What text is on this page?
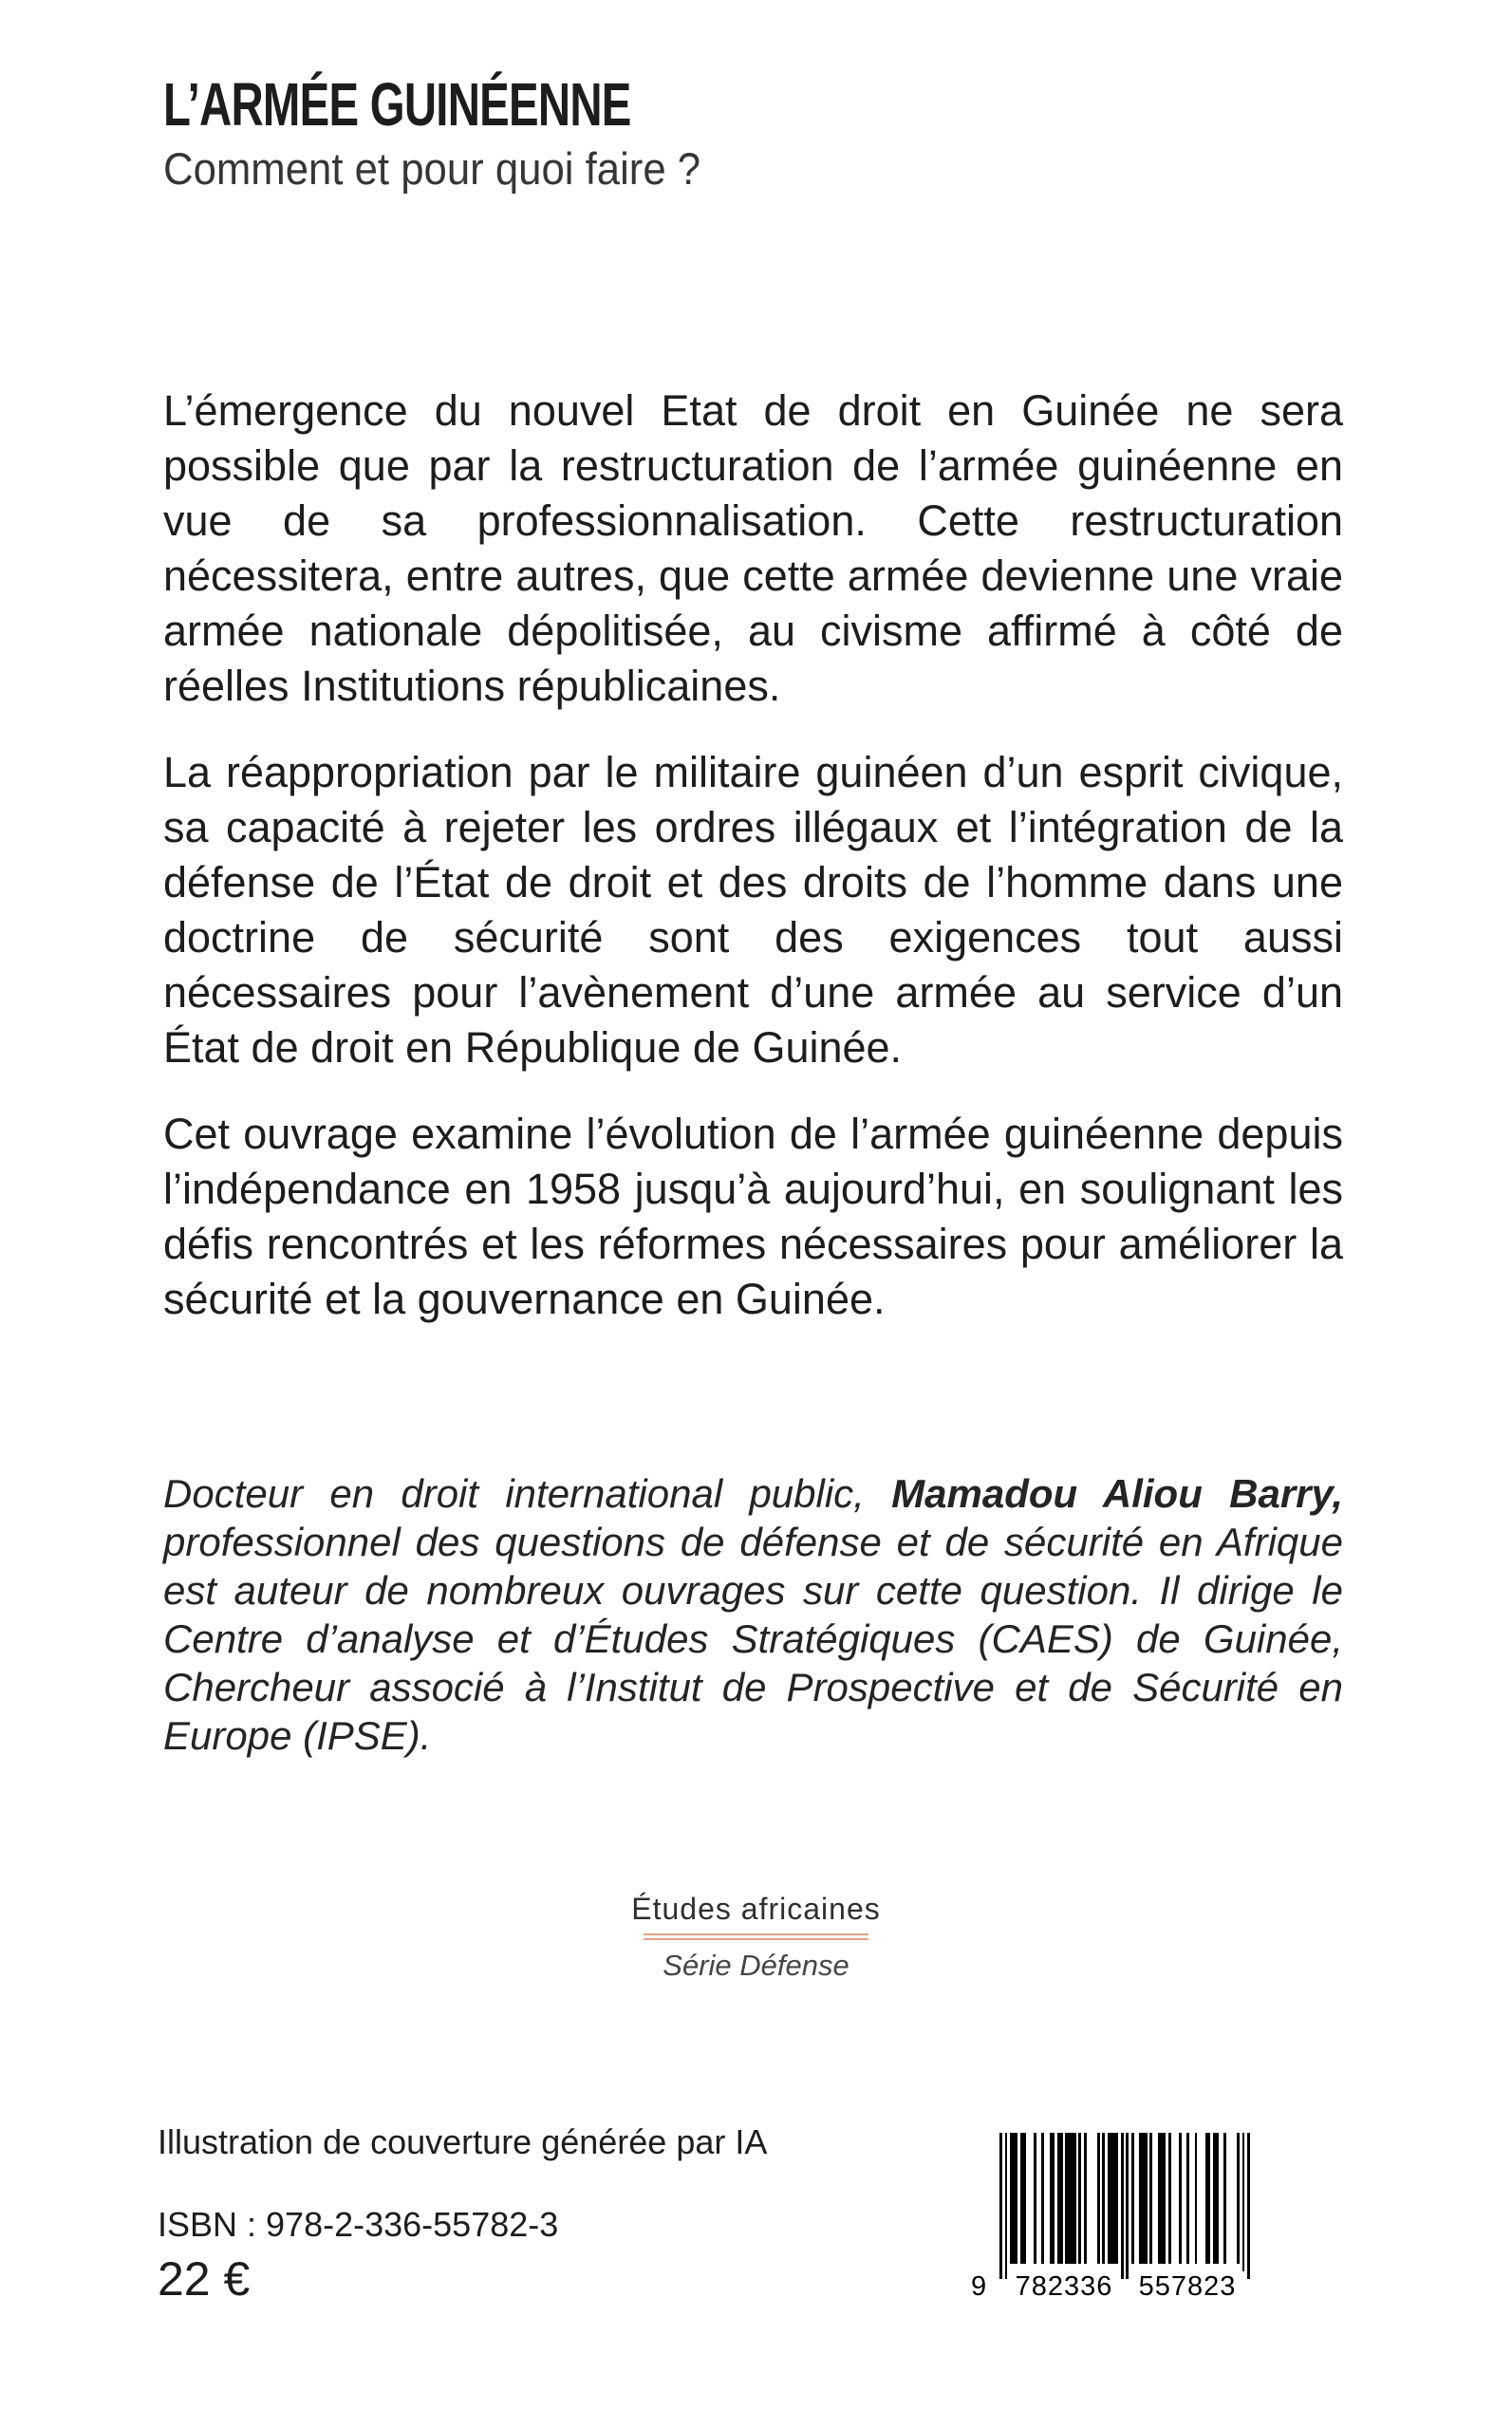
L’ARMÉE GUINÉENNE
Comment et pour quoi faire ?

L’émergence du nouvel Etat de droit en Guinée ne sera possible que par la restructuration de l’armée guinéenne en vue de sa professionnalisation. Cette restructuration nécessitera, entre autres, que cette armée devienne une vraie armée nationale dépolitisée, au civisme affirmé à côté de réelles Institutions républicaines.

La réappropriation par le militaire guinéen d’un esprit civique, sa capacité à rejeter les ordres illégaux et l’intégration de la défense de l’État de droit et des droits de l’homme dans une doctrine de sécurité sont des exigences tout aussi nécessaires pour l’avènement d’une armée au service d’un État de droit en République de Guinée.

Cet ouvrage examine l’évolution de l’armée guinéenne depuis l’indépendance en 1958 jusqu’à aujourd’hui, en soulignant les défis rencontrés et les réformes nécessaires pour améliorer la sécurité et la gouvernance en Guinée.

Docteur en droit international public, Mamadou Aliou Barry, professionnel des questions de défense et de sécurité en Afrique est auteur de nombreux ouvrages sur cette question. Il dirige le Centre d’analyse et d’Études Stratégiques (CAES) de Guinée, Chercheur associé à l’Institut de Prospective et de Sécurité en Europe (IPSE).

Études africaines
Série Défense
Illustration de couverture générée par IA
ISBN : 978-2-336-55782-3
22 €	9 782336 557823
